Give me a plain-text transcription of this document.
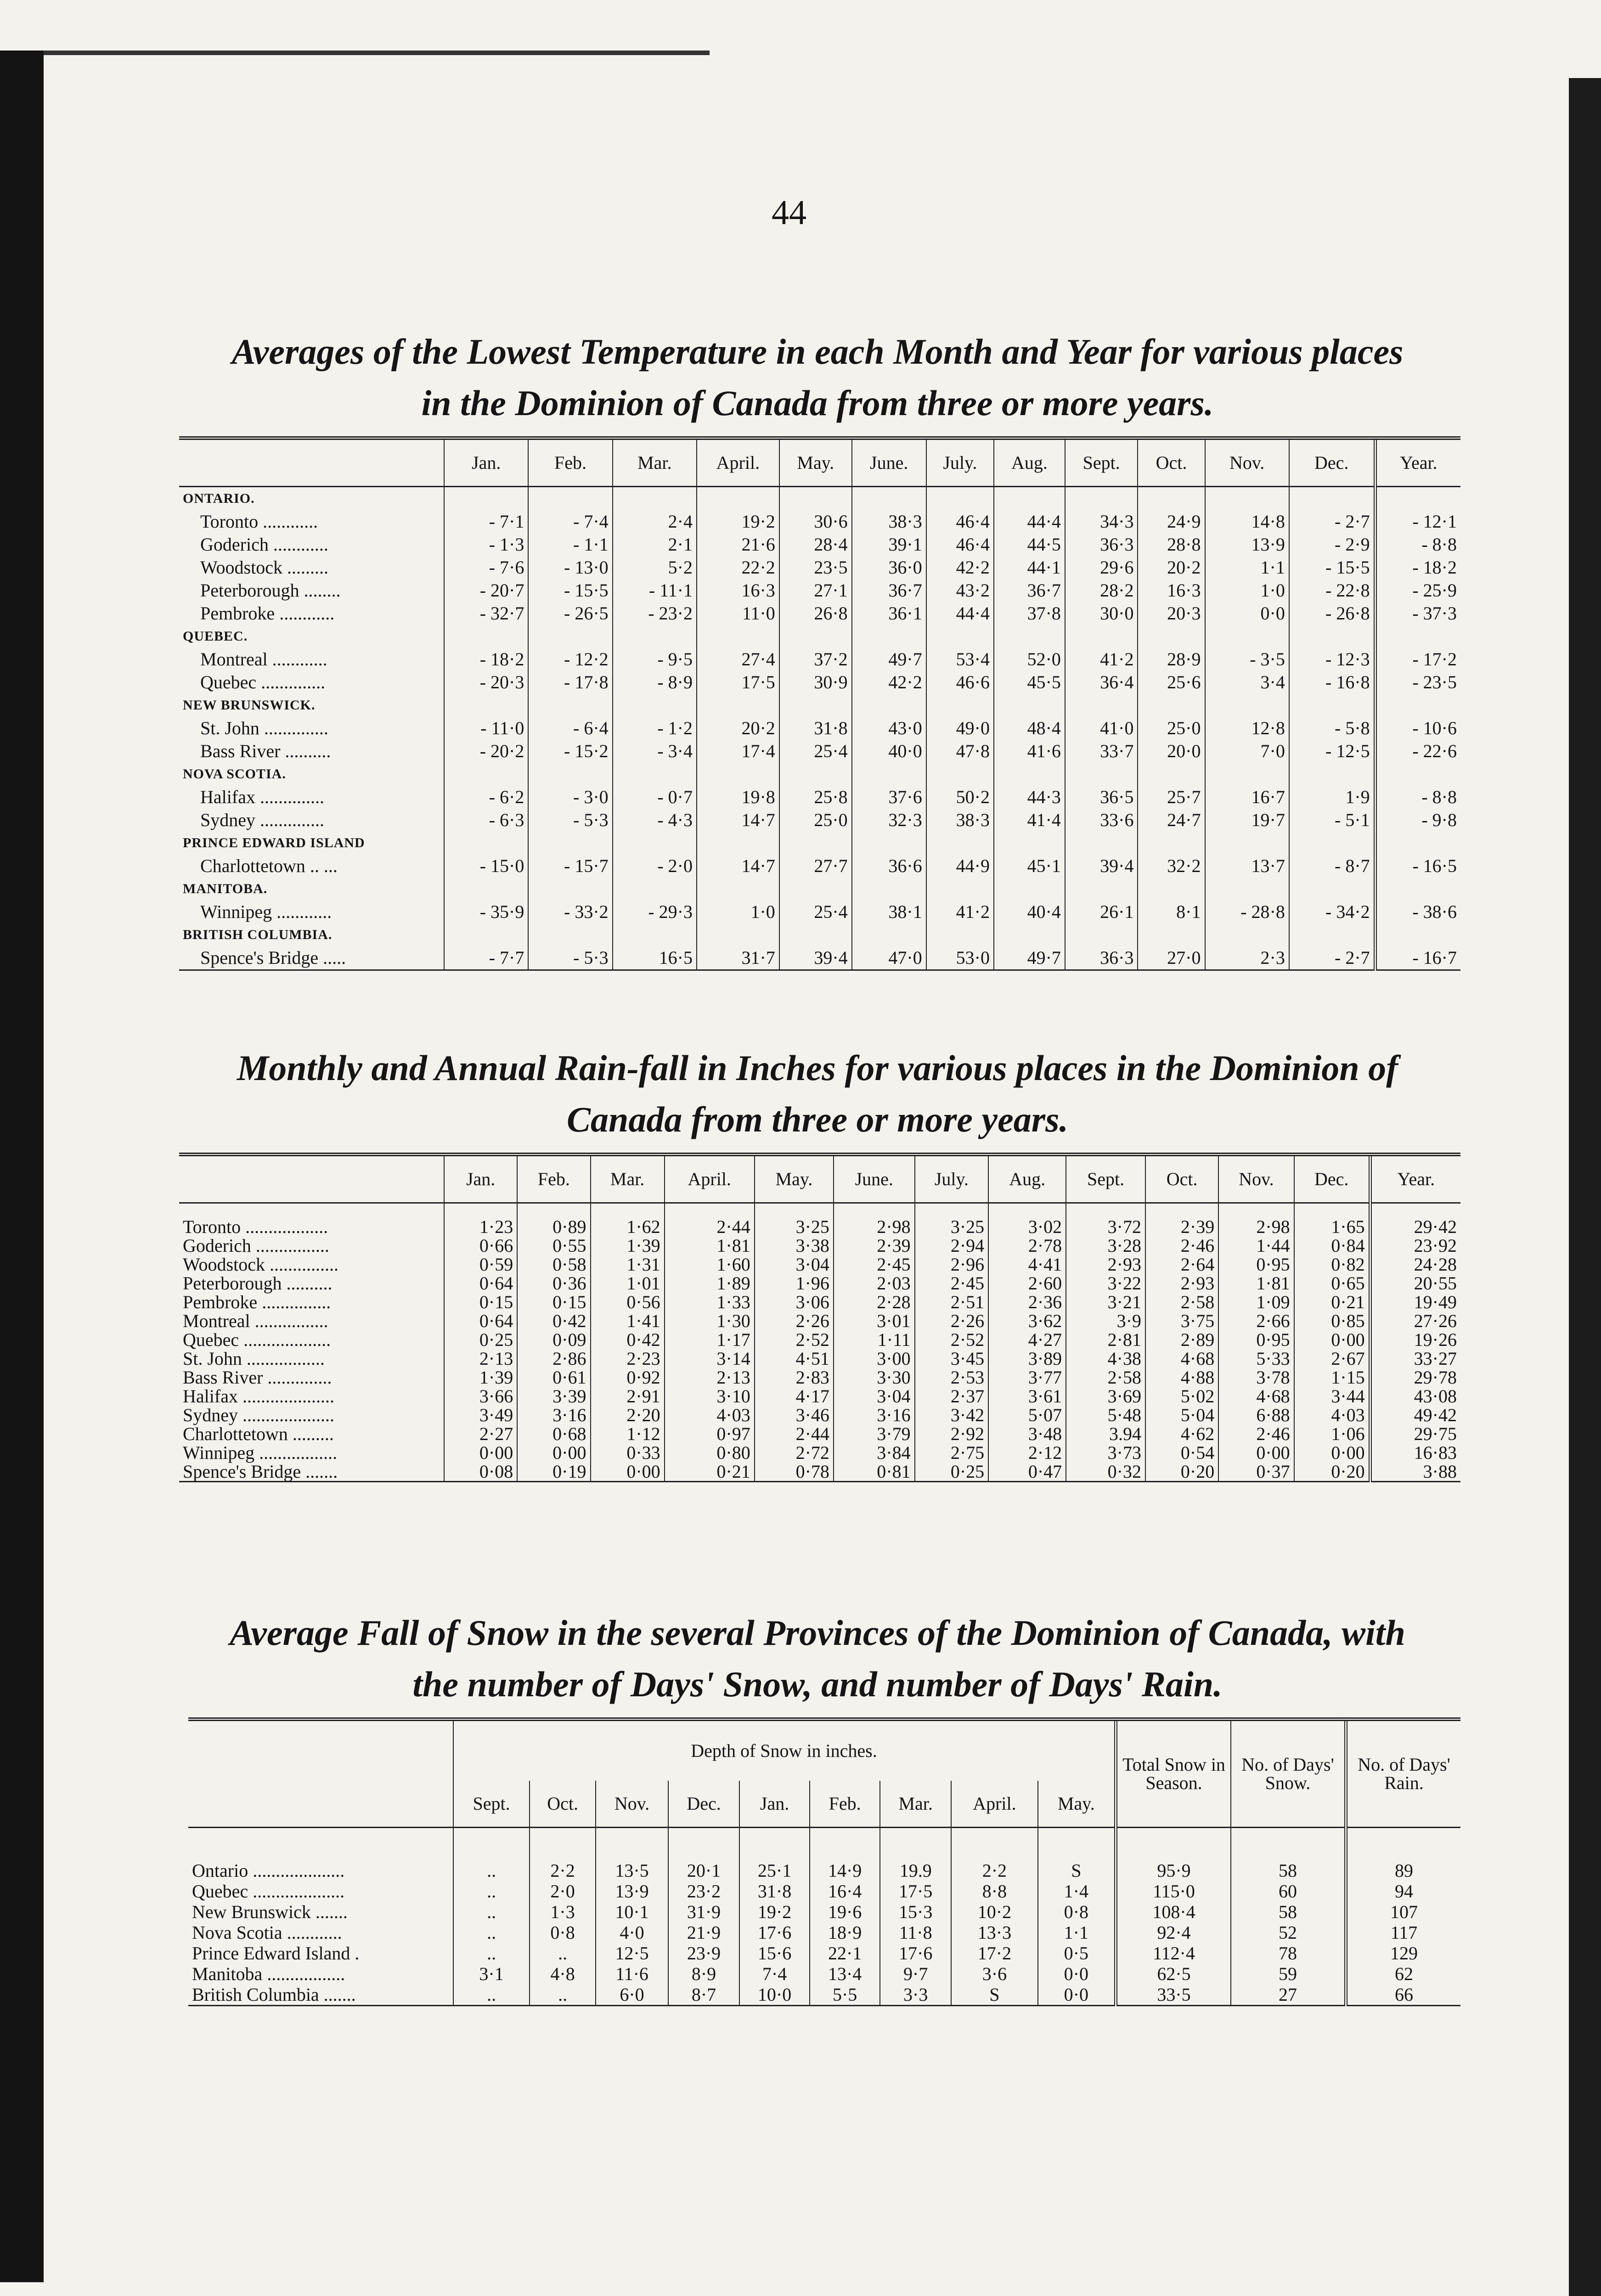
44
Averages of the Lowest Temperature in each Month and Year for various places
in the Dominion of Canada from three or more years.
	Jan.	Feb.	Mar.	April.	May.	June.	July.	Aug.	Sept.	Oct.	Nov.	Dec.	Year.
ONTARIO.													
Toronto ............	- 7·1	- 7·4	2·4	19·2	30·6	38·3	46·4	44·4	34·3	24·9	14·8	- 2·7	- 12·1
Goderich ............	- 1·3	- 1·1	2·1	21·6	28·4	39·1	46·4	44·5	36·3	28·8	13·9	- 2·9	- 8·8
Woodstock .........	- 7·6	- 13·0	5·2	22·2	23·5	36·0	42·2	44·1	29·6	20·2	1·1	- 15·5	- 18·2
Peterborough ........	- 20·7	- 15·5	- 11·1	16·3	27·1	36·7	43·2	36·7	28·2	16·3	1·0	- 22·8	- 25·9
Pembroke ............	- 32·7	- 26·5	- 23·2	11·0	26·8	36·1	44·4	37·8	30·0	20·3	0·0	- 26·8	- 37·3
QUEBEC.													
Montreal ............	- 18·2	- 12·2	- 9·5	27·4	37·2	49·7	53·4	52·0	41·2	28·9	- 3·5	- 12·3	- 17·2
Quebec ..............	- 20·3	- 17·8	- 8·9	17·5	30·9	42·2	46·6	45·5	36·4	25·6	3·4	- 16·8	- 23·5
NEW BRUNSWICK.													
St. John ..............	- 11·0	- 6·4	- 1·2	20·2	31·8	43·0	49·0	48·4	41·0	25·0	12·8	- 5·8	- 10·6
Bass River ..........	- 20·2	- 15·2	- 3·4	17·4	25·4	40·0	47·8	41·6	33·7	20·0	7·0	- 12·5	- 22·6
NOVA SCOTIA.													
Halifax ..............	- 6·2	- 3·0	- 0·7	19·8	25·8	37·6	50·2	44·3	36·5	25·7	16·7	1·9	- 8·8
Sydney ..............	- 6·3	- 5·3	- 4·3	14·7	25·0	32·3	38·3	41·4	33·6	24·7	19·7	- 5·1	- 9·8
PRINCE EDWARD ISLAND													
Charlottetown .. ...	- 15·0	- 15·7	- 2·0	14·7	27·7	36·6	44·9	45·1	39·4	32·2	13·7	- 8·7	- 16·5
MANITOBA.													
Winnipeg ............	- 35·9	- 33·2	- 29·3	1·0	25·4	38·1	41·2	40·4	26·1	8·1	- 28·8	- 34·2	- 38·6
BRITISH COLUMBIA.													
Spence's Bridge .....	- 7·7	- 5·3	16·5	31·7	39·4	47·0	53·0	49·7	36·3	27·0	2·3	- 2·7	- 16·7
Monthly and Annual Rain-fall in Inches for various places in the Dominion of
Canada from three or more years.
	Jan.	Feb.	Mar.	April.	May.	June.	July.	Aug.	Sept.	Oct.	Nov.	Dec.	Year.
Toronto ..................	1·23	0·89	1·62	2·44	3·25	2·98	3·25	3·02	3·72	2·39	2·98	1·65	29·42
Goderich ................	0·66	0·55	1·39	1·81	3·38	2·39	2·94	2·78	3·28	2·46	1·44	0·84	23·92
Woodstock ...............	0·59	0·58	1·31	1·60	3·04	2·45	2·96	4·41	2·93	2·64	0·95	0·82	24·28
Peterborough ..........	0·64	0·36	1·01	1·89	1·96	2·03	2·45	2·60	3·22	2·93	1·81	0·65	20·55
Pembroke ...............	0·15	0·15	0·56	1·33	3·06	2·28	2·51	2·36	3·21	2·58	1·09	0·21	19·49
Montreal ................	0·64	0·42	1·41	1·30	2·26	3·01	2·26	3·62	3·9	3·75	2·66	0·85	27·26
Quebec ...................	0·25	0·09	0·42	1·17	2·52	1·11	2·52	4·27	2·81	2·89	0·95	0·00	19·26
St. John .................	2·13	2·86	2·23	3·14	4·51	3·00	3·45	3·89	4·38	4·68	5·33	2·67	33·27
Bass River ..............	1·39	0·61	0·92	2·13	2·83	3·30	2·53	3·77	2·58	4·88	3·78	1·15	29·78
Halifax ....................	3·66	3·39	2·91	3·10	4·17	3·04	2·37	3·61	3·69	5·02	4·68	3·44	43·08
Sydney ....................	3·49	3·16	2·20	4·03	3·46	3·16	3·42	5·07	5·48	5·04	6·88	4·03	49·42
Charlottetown .........	2·27	0·68	1·12	0·97	2·44	3·79	2·92	3·48	3.94	4·62	2·46	1·06	29·75
Winnipeg .................	0·00	0·00	0·33	0·80	2·72	3·84	2·75	2·12	3·73	0·54	0·00	0·00	16·83
Spence's Bridge .......	0·08	0·19	0·00	0·21	0·78	0·81	0·25	0·47	0·32	0·20	0·37	0·20	3·88
Average Fall of Snow in the several Provinces of the Dominion of Canada, with
the number of Days' Snow, and number of Days' Rain.
	Depth of Snow in inches.									Total Snow in Season.	No. of Days' Snow.	No. of Days' Rain.
	Sept.	Oct.	Nov.	Dec.	Jan.	Feb.	Mar.	April.	May.			
Ontario ....................	..	2·2	13·5	20·1	25·1	14·9	19.9	2·2	S	95·9	58	89
Quebec ....................	..	2·0	13·9	23·2	31·8	16·4	17·5	8·8	1·4	115·0	60	94
New Brunswick .......	..	1·3	10·1	31·9	19·2	19·6	15·3	10·2	0·8	108·4	58	107
Nova Scotia ............	..	0·8	4·0	21·9	17·6	18·9	11·8	13·3	1·1	92·4	52	117
Prince Edward Island .	..	..	12·5	23·9	15·6	22·1	17·6	17·2	0·5	112·4	78	129
Manitoba .................	3·1	4·8	11·6	8·9	7·4	13·4	9·7	3·6	0·0	62·5	59	62
British Columbia .......	..	..	6·0	8·7	10·0	5·5	3·3	S	0·0	33·5	27	66
